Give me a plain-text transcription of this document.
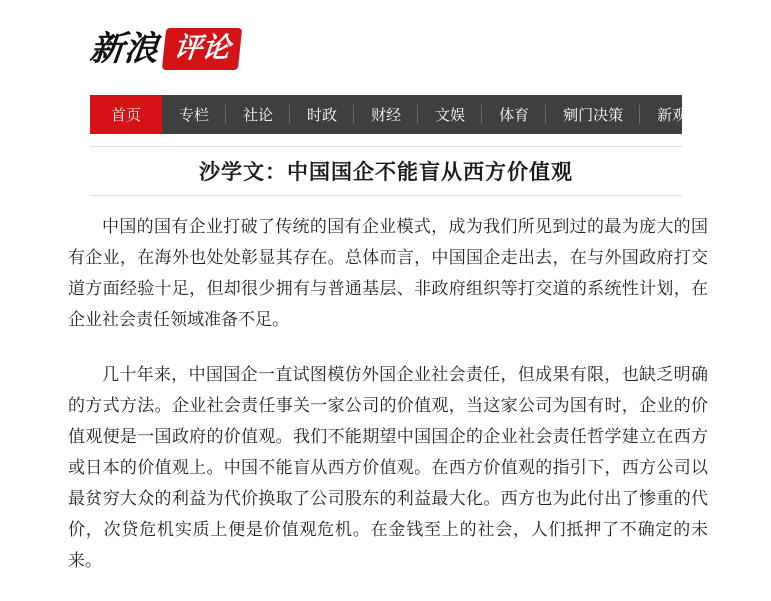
新浪 评论
首页	专栏 社论 时政 财经 文娱 体育 剜门决策 新观察
沙学文：中国国企不能盲从西方价值观

中国的国有企业打破了传统的国有企业模式，成为我们所见到过的最为庞大的国有企业，在海外也处处彰显其存在。总体而言，中国国企走出去，在与外国政府打交道方面经验十足，但却很少拥有与普通基层、非政府组织等打交道的系统性计划，在企业社会责任领域准备不足。

几十年来，中国国企一直试图模仿外国企业社会责任，但成果有限，也缺乏明确的方式方法。企业社会责任事关一家公司的价值观，当这家公司为国有时，企业的价值观便是一国政府的价值观。我们不能期望中国国企的企业社会责任哲学建立在西方或日本的价值观上。中国不能盲从西方价值观。在西方价值观的指引下，西方公司以最贫穷大众的利益为代价换取了公司股东的利益最大化。西方也为此付出了惨重的代价，次贷危机实质上便是价值观危机。在金钱至上的社会，人们抵押了不确定的未来。
